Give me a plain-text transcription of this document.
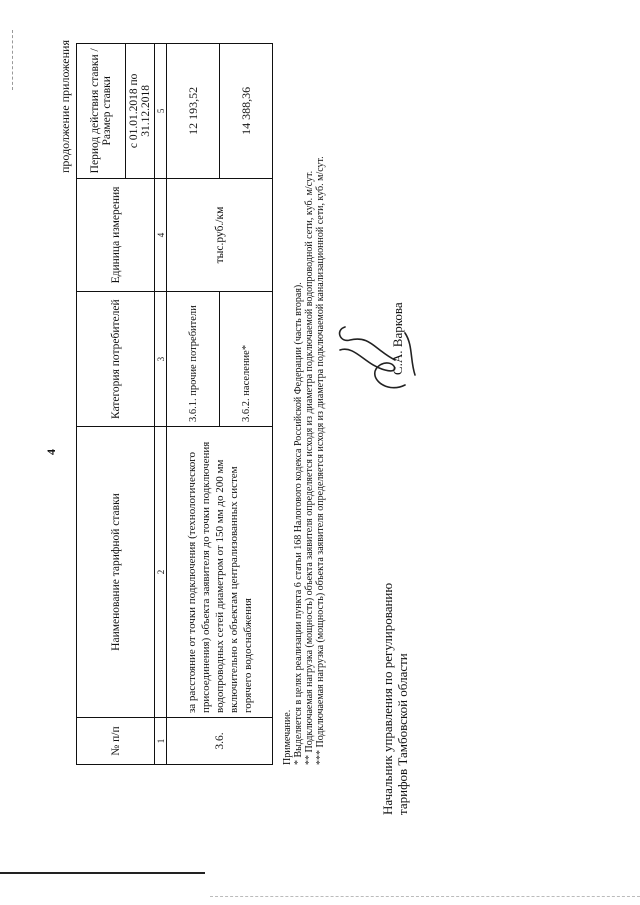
4
продолжение приложения
№ п/п	Наименование тарифной ставки	Категория потребителей	Единица измерения	Период действия ставки /Размер ставки
				с 01.01.2018 по 31.12.2018
1	2	3	4	5
3.6.	за расстояние от точки подключения (технологического присоединения) объекта заявителя до точки подключения водопроводных сетей диаметром от 150 мм до 200 мм включительно к объектам централизованных систем горячего водоснабжения	3.6.1. прочие потребители	тыс.руб./км	12 193,52
		3.6.2. население*		14 388,36
Примечание. * Выделяется в целях реализации пункта 6 статьи 168 Налогового кодекса Российской Федерации (часть вторая). ** Подключаемая нагрузка (мощность) объекта заявителя определяется исходя из диаметра подключаемой водопроводной сети, куб. м/сут. *** Подключаемая нагрузка (мощность) объекта заявителя определяется исходя из диаметра подключаемой канализационной сети, куб. м/сут.	Начальник управления по регулированию тарифов Тамбовской области
С.А. Варкова
